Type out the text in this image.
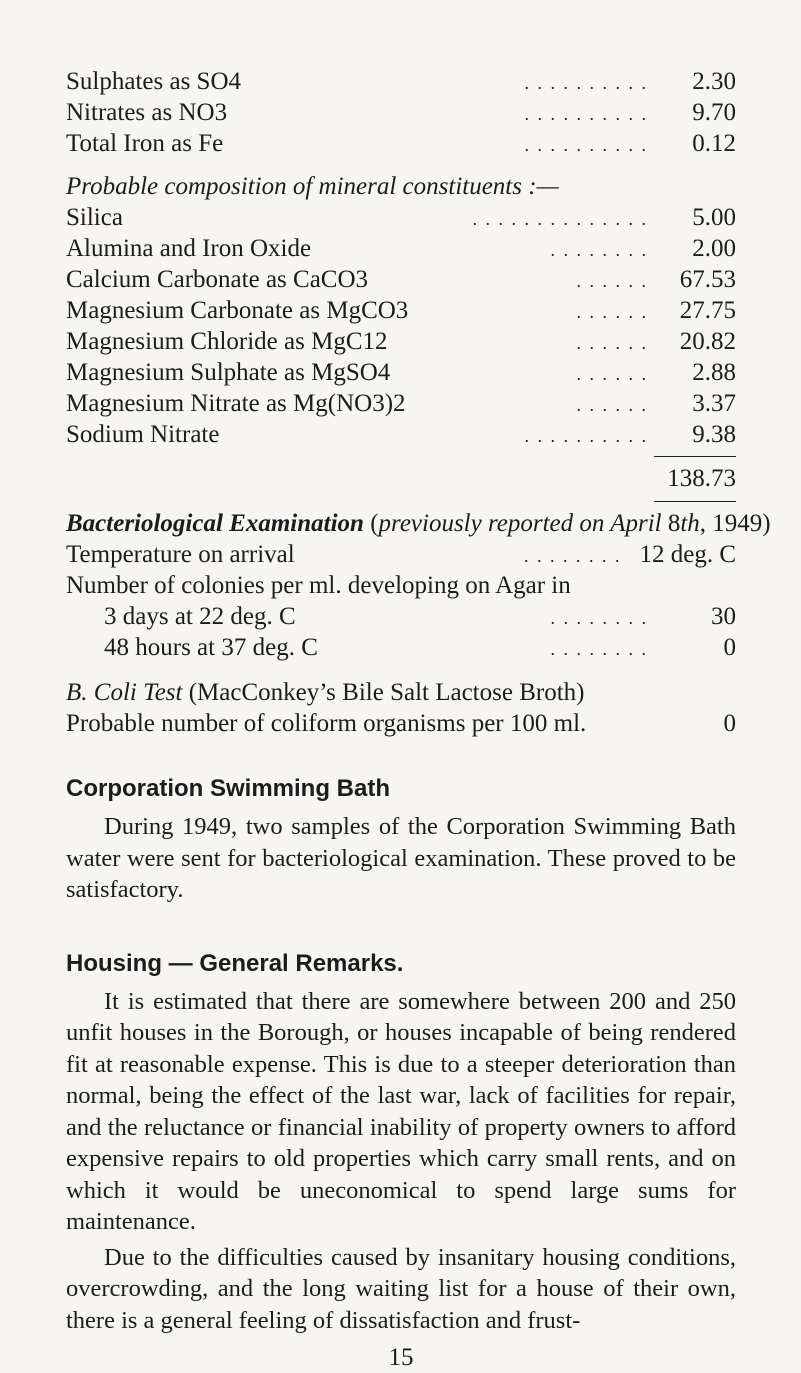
Sulphates as SO4	. . . . . . . . . .	2.30
Nitrates as NO3	. . . . . . . . . .	9.70
Total Iron as Fe	. . . . . . . . . .	0.12
Probable composition of mineral constituents :—
Silica	. . . . . . . . . . . . . .	5.00
Alumina and Iron Oxide	. . . . . . . .	2.00
Calcium Carbonate as CaCO3	. . . . . .	67.53
Magnesium Carbonate as MgCO3	. . . . . .	27.75
Magnesium Chloride as MgC12	. . . . . .	20.82
Magnesium Sulphate as MgSO4	. . . . . .	2.88
Magnesium Nitrate as Mg(NO3)2	. . . . . .	3.37
Sodium Nitrate	. . . . . . . . . .	9.38
138.73
Bacteriological Examination (previously reported on April 8th, 1949)
Temperature on arrival	. . . . . . . . 12 deg. C
Number of colonies per ml. developing on Agar in
3 days at 22 deg. C	. . . . . . . .	30
48 hours at 37 deg. C	. . . . . . . .	0
B. Coli Test (MacConkey’s Bile Salt Lactose Broth)
Probable number of coliform organisms per 100 ml.	0
Corporation Swimming Bath

During 1949, two samples of the Corporation Swimming Bath water were sent for bacteriological examination. These proved to be satisfactory.

Housing — General Remarks.

It is estimated that there are somewhere between 200 and 250 unfit houses in the Borough, or houses incapable of being rendered fit at reasonable expense. This is due to a steeper deterioration than normal, being the effect of the last war, lack of facilities for repair, and the reluctance or financial inability of property owners to afford expensive repairs to old properties which carry small rents, and on which it would be uneconomical to spend large sums for maintenance.

Due to the difficulties caused by insanitary housing conditions, overcrowding, and the long waiting list for a house of their own, there is a general feeling of dissatisfaction and frust-

15
